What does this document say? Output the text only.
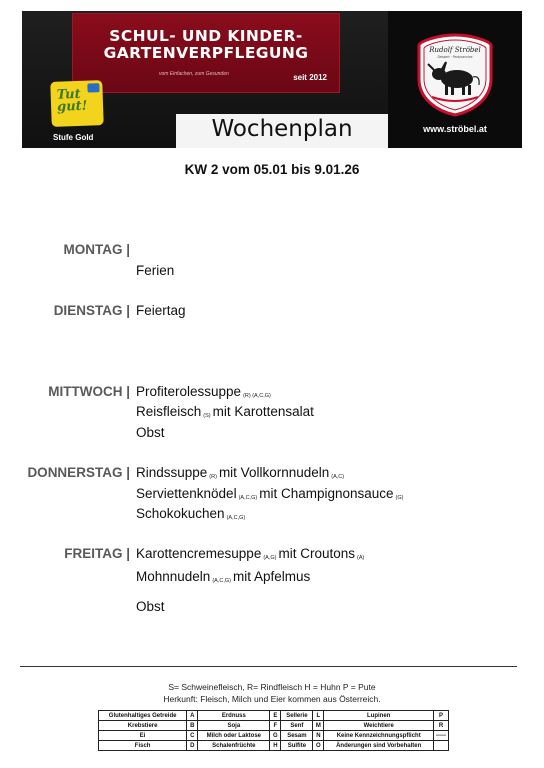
SCHUL- UND KINDER-
GARTENVERPFLEGUNG
vom Einfachen, zum Gesunden	seit 2012
Tut
gut!
Stufe Gold	Wochenplan
Rudolf Ströbel
Dessert · Partyservice
www.ströbel.at
KW 2 vom 05.01 bis 9.01.26
MONTAG |
Ferien
DIENSTAG | Feiertag
MITTWOCH | Profiterolessuppe (R) (A,C,G)
Reisfleisch (S) mit Karottensalat
Obst
DONNERSTAG | Rindssuppe (R) mit Vollkornnudeln (A,C)
Serviettenknödel (A,C,G) mit Champignonsauce (G)
Schokokuchen (A,C,G)
FREITAG | Karottencremesuppe (A,G) mit Croutons (A)
Mohnnudeln (A,C,G) mit Apfelmus
Obst
S= Schweinefleisch, R= Rindfleisch H = Huhn P = Pute
Herkunft: Fleisch, Milch und Eier kommen aus Österreich.
Glutenhaltiges Getreide	A	Erdnuss	E	Sellerie	L	Lupinen	P
Krebstiere	B	Soja	F	Senf	M	Weichtiere	R
Ei	C	Milch oder Laktose	G	Sesam	N	Keine Kennzeichnungspflicht	-----
Fisch	D	Schalenfrüchte	H	Sulfite	O	Änderungen sind Vorbehalten	
